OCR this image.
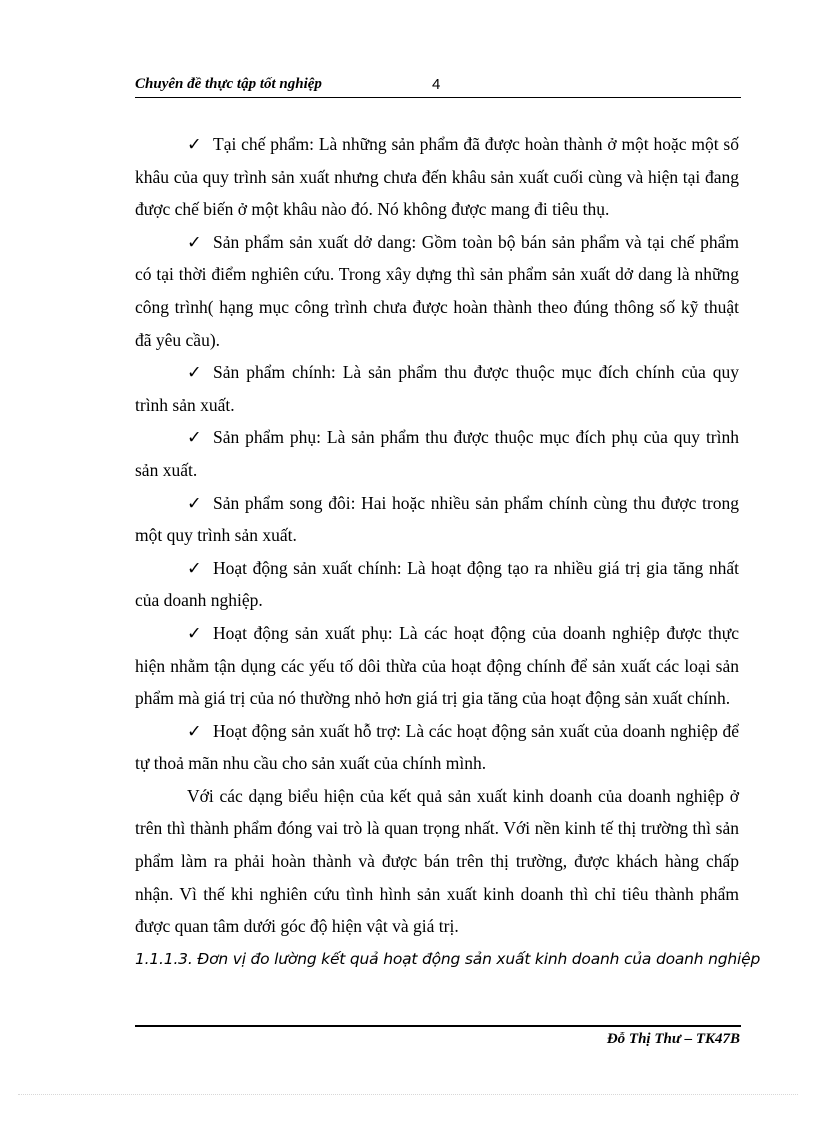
Chuyên đề thực tập tốt nghiệp	4

✓ Tại chế phẩm: Là những sản phẩm đã được hoàn thành ở một hoặc một số khâu của quy trình sản xuất nhưng chưa đến khâu sản xuất cuối cùng và hiện tại đang được chế biến ở một khâu nào đó. Nó không được mang đi tiêu thụ.

✓ Sản phẩm sản xuất dở dang: Gồm toàn bộ bán sản phẩm và tại chế phẩm có tại thời điểm nghiên cứu. Trong xây dựng thì sản phẩm sản xuất dở dang là những công trình( hạng mục công trình chưa được hoàn thành theo đúng thông số kỹ thuật đã yêu cầu).

✓ Sản phẩm chính: Là sản phẩm thu được thuộc mục đích chính của quy trình sản xuất.

✓ Sản phẩm phụ: Là sản phẩm thu được thuộc mục đích phụ của quy trình sản xuất.

✓ Sản phẩm song đôi: Hai hoặc nhiều sản phẩm chính cùng thu được trong một quy trình sản xuất.

✓ Hoạt động sản xuất chính: Là hoạt động tạo ra nhiều giá trị gia tăng nhất của doanh nghiệp.

✓ Hoạt động sản xuất phụ: Là các hoạt động của doanh nghiệp được thực hiện nhằm tận dụng các yếu tố dôi thừa của hoạt động chính để sản xuất các loại sản phẩm mà giá trị của nó thường nhỏ hơn giá trị gia tăng của hoạt động sản xuất chính.

✓ Hoạt động sản xuất hỗ trợ: Là các hoạt động sản xuất của doanh nghiệp để tự thoả mãn nhu cầu cho sản xuất của chính mình.

Với các dạng biểu hiện của kết quả sản xuất kinh doanh của doanh nghiệp ở trên thì thành phẩm đóng vai trò là quan trọng nhất. Với nền kinh tế thị trường thì sản phẩm làm ra phải hoàn thành và được bán trên thị trường, được khách hàng chấp nhận. Vì thế khi nghiên cứu tình hình sản xuất kinh doanh thì chỉ tiêu thành phẩm được quan tâm dưới góc độ hiện vật và giá trị.

1.1.1.3. Đơn vị đo lường kết quả hoạt động sản xuất kinh doanh của doanh nghiệp

Đỗ Thị Thư – TK47B
